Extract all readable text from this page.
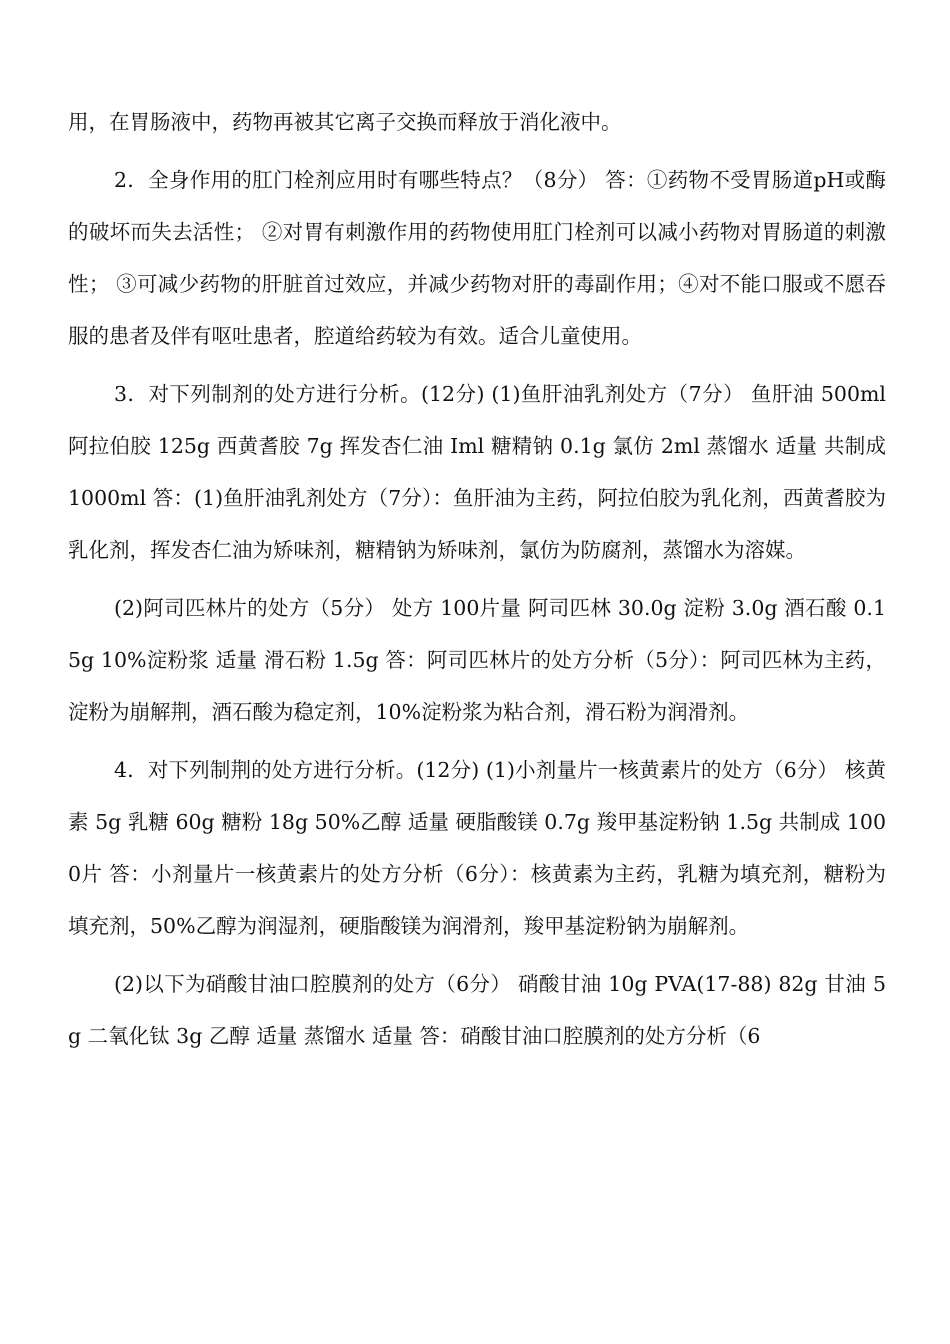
用，在胃肠液中，药物再被其它离子交换而释放于消化液中。

2．全身作用的肛门栓剂应用时有哪些特点？（8分） 答：①药物不受胃肠道pH或酶的破坏而失去活性； ②对胃有刺激作用的药物使用肛门栓剂可以减小药物对胃肠道的刺激性； ③可减少药物的肝脏首过效应，并减少药物对肝的毒副作用；④对不能口服或不愿吞服的患者及伴有呕吐患者，腔道给药较为有效。适合儿童使用。

3．对下列制剂的处方进行分析。(12分) (1)鱼肝油乳剂处方（7分） 鱼肝油 500ml 阿拉伯胶 125g 西黄耆胶 7g 挥发杏仁油 Iml 糖精钠 0.1g 氯仿 2ml 蒸馏水 适量 共制成 1000ml 答：(1)鱼肝油乳剂处方（7分）：鱼肝油为主药，阿拉伯胶为乳化剂，西黄耆胶为乳化剂，挥发杏仁油为矫味剂，糖精钠为矫味剂，氯仿为防腐剂，蒸馏水为溶媒。

(2)阿司匹林片的处方（5分） 处方 100片量 阿司匹林 30.0g 淀粉 3.0g 酒石酸 0.15g 10%淀粉浆 适量 滑石粉 1.5g 答：阿司匹林片的处方分析（5分）：阿司匹林为主药，淀粉为崩解荆，酒石酸为稳定剂，10%淀粉浆为粘合剂，滑石粉为润滑剂。

4．对下列制荆的处方进行分析。(12分) (1)小剂量片一核黄素片的处方（6分） 核黄素 5g 乳糖 60g 糖粉 18g 50%乙醇 适量 硬脂酸镁 0.7g 羧甲基淀粉钠 1.5g 共制成 1000片 答：小剂量片一核黄素片的处方分析（6分）：核黄素为主药，乳糖为填充剂，糖粉为填充剂，50%乙醇为润湿剂，硬脂酸镁为润滑剂，羧甲基淀粉钠为崩解剂。

(2)以下为硝酸甘油口腔膜剂的处方（6分） 硝酸甘油 10g PVA(17-88) 82g 甘油 5g 二氧化钛 3g 乙醇 适量 蒸馏水 适量 答：硝酸甘油口腔膜剂的处方分析（6
